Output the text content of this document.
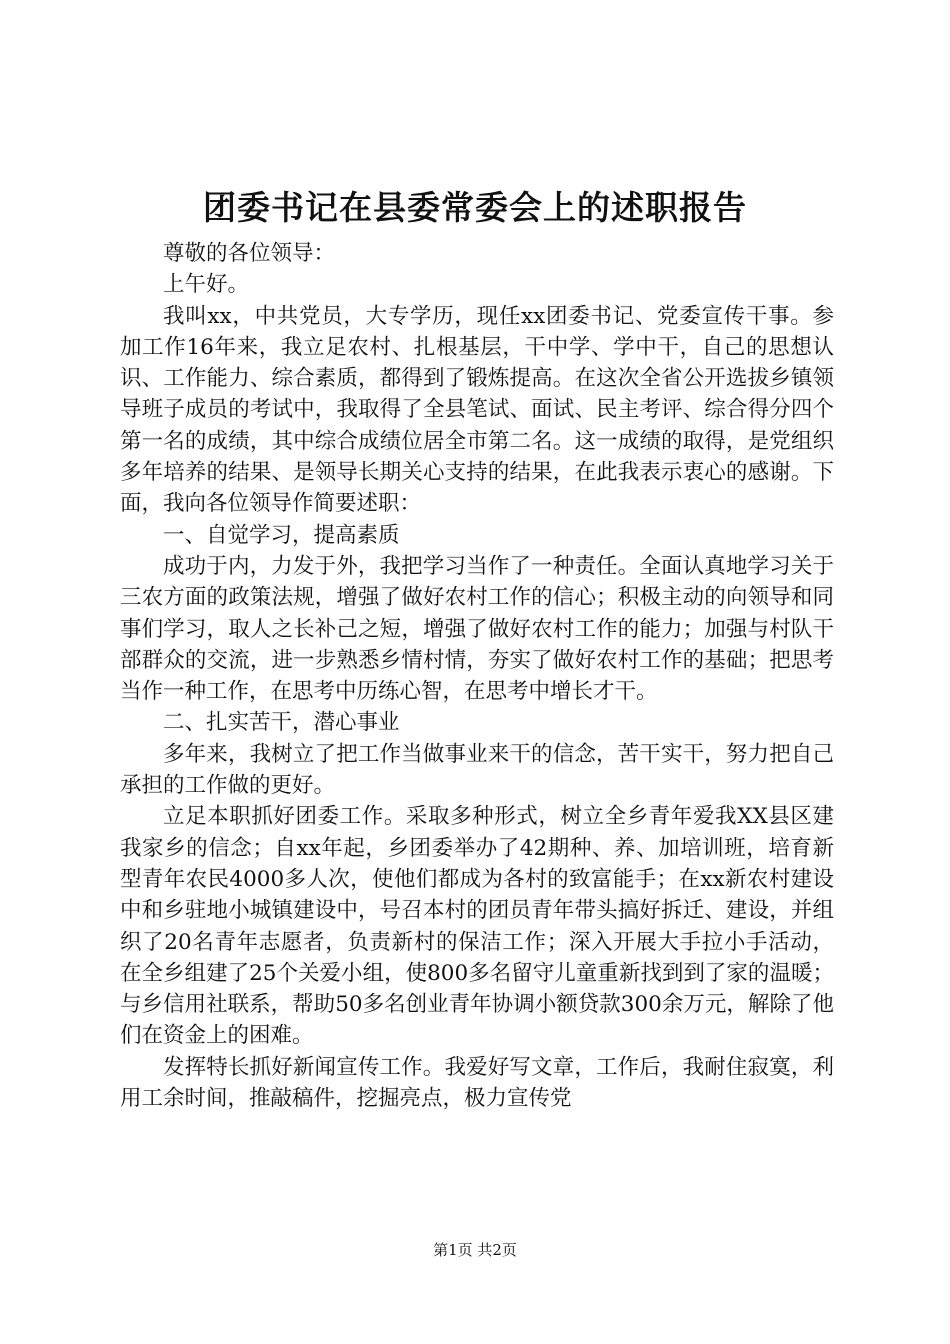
团委书记在县委常委会上的述职报告

尊敬的各位领导：

上午好。

我叫xx，中共党员，大专学历，现任xx团委书记、党委宣传干事。参加工作16年来，我立足农村、扎根基层，干中学、学中干，自己的思想认识、工作能力、综合素质，都得到了锻炼提高。在这次全省公开选拔乡镇领导班子成员的考试中，我取得了全县笔试、面试、民主考评、综合得分四个第一名的成绩，其中综合成绩位居全市第二名。这一成绩的取得，是党组织多年培养的结果、是领导长期关心支持的结果，在此我表示衷心的感谢。下面，我向各位领导作简要述职：

一、自觉学习，提高素质

成功于内，力发于外，我把学习当作了一种责任。全面认真地学习关于三农方面的政策法规，增强了做好农村工作的信心；积极主动的向领导和同事们学习，取人之长补己之短，增强了做好农村工作的能力；加强与村队干部群众的交流，进一步熟悉乡情村情，夯实了做好农村工作的基础；把思考当作一种工作，在思考中历练心智，在思考中增长才干。

二、扎实苦干，潜心事业

多年来，我树立了把工作当做事业来干的信念，苦干实干，努力把自己承担的工作做的更好。

立足本职抓好团委工作。采取多种形式，树立全乡青年爱我XX县区建我家乡的信念；自xx年起，乡团委举办了42期种、养、加培训班，培育新型青年农民4000多人次，使他们都成为各村的致富能手；在xx新农村建设中和乡驻地小城镇建设中，号召本村的团员青年带头搞好拆迁、建设，并组织了20名青年志愿者，负责新村的保洁工作；深入开展大手拉小手活动，在全乡组建了25个关爱小组，使800多名留守儿童重新找到到了家的温暖；与乡信用社联系，帮助50多名创业青年协调小额贷款300余万元，解除了他们在资金上的困难。

发挥特长抓好新闻宣传工作。我爱好写文章，工作后，我耐住寂寞，利用工余时间，推敲稿件，挖掘亮点，极力宣传党

第1页 共2页
